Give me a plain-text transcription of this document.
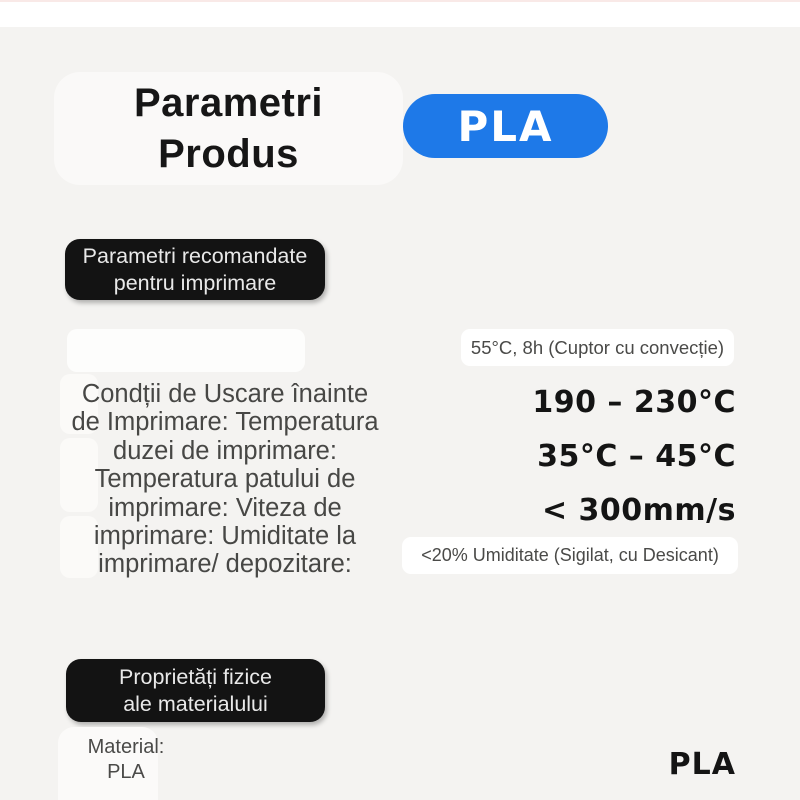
Parametri
Produs
PLA
Parametri recomandate
pentru imprimare
Condții de Uscare înainte
de Imprimare: Temperatura
duzei de imprimare:
Temperatura patului de
imprimare: Viteza de
imprimare: Umiditate la
imprimare/ depozitare:
55°C, 8h (Cuptor cu convecție)
190 – 230°C
35°C – 45°C
< 300mm/s
<20% Umiditate (Sigilat, cu Desicant)
Proprietăți fizice
ale materialului
Material:
PLA	PLA
